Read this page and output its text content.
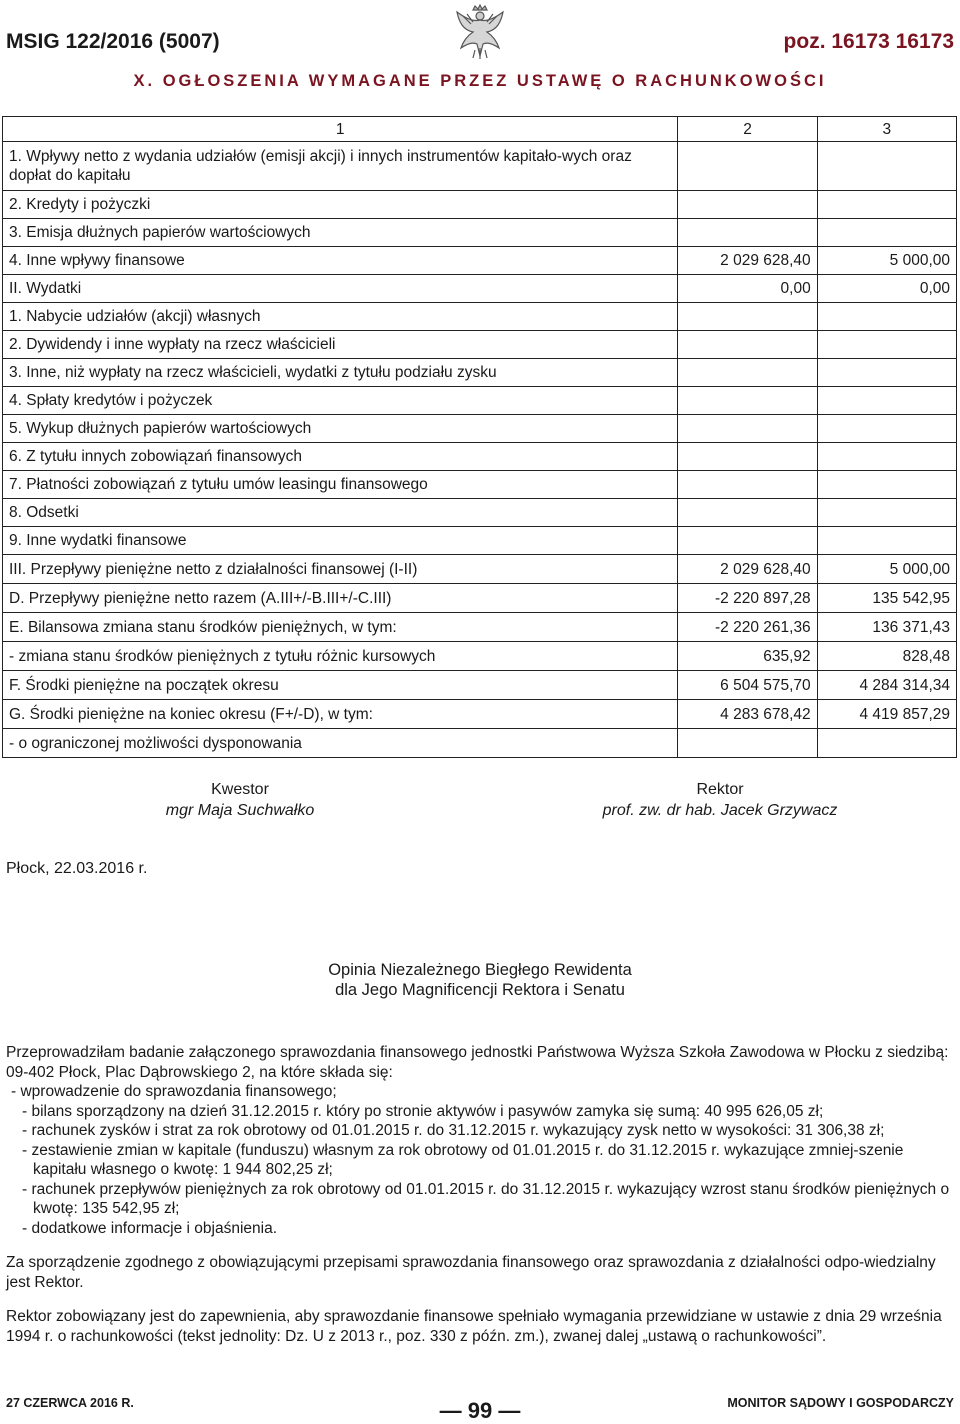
MSIG 122/2016 (5007)	poz. 16173 16173
X. OGŁOSZENIA WYMAGANE PRZEZ USTAWĘ O RACHUNKOWOŚCI
1	2	3
1. Wpływy netto z wydania udziałów (emisji akcji) i innych instrumentów kapitało-wych oraz dopłat do kapitału		
2. Kredyty i pożyczki		
3. Emisja dłużnych papierów wartościowych		
4. Inne wpływy finansowe	2 029 628,40	5 000,00
II. Wydatki	0,00	0,00
1. Nabycie udziałów (akcji) własnych		
2. Dywidendy i inne wypłaty na rzecz właścicieli		
3. Inne, niż wypłaty na rzecz właścicieli, wydatki z tytułu podziału zysku		
4. Spłaty kredytów i pożyczek		
5. Wykup dłużnych papierów wartościowych		
6. Z tytułu innych zobowiązań finansowych		
7. Płatności zobowiązań z tytułu umów leasingu finansowego		
8. Odsetki		
9. Inne wydatki finansowe		
III. Przepływy pieniężne netto z działalności finansowej (I-II)	2 029 628,40	5 000,00
D. Przepływy pieniężne netto razem (A.III+/-B.III+/-C.III)	-2 220 897,28	135 542,95
E. Bilansowa zmiana stanu środków pieniężnych, w tym:	-2 220 261,36	136 371,43
- zmiana stanu środków pieniężnych z tytułu różnic kursowych	635,92	828,48
F. Środki pieniężne na początek okresu	6 504 575,70	4 284 314,34
G. Środki pieniężne na koniec okresu (F+/-D), w tym:	4 283 678,42	4 419 857,29
- o ograniczonej możliwości dysponowania		
Kwestor
mgr Maja Suchwałko
Rektor
prof. zw. dr hab. Jacek Grzywacz
Płock, 22.03.2016 r.
Opinia Niezależnego Biegłego Rewidenta
dla Jego Magnificencji Rektora i Senatu

Przeprowadziłam badanie załączonego sprawozdania finansowego jednostki Państwowa Wyższa Szkoła Zawodowa w Płocku z siedzibą: 09-402 Płock, Plac Dąbrowskiego 2, na które składa się:

- wprowadzenie do sprawozdania finansowego;
- bilans sporządzony na dzień 31.12.2015 r. który po stronie aktywów i pasywów zamyka się sumą: 40 995 626,05 zł;
- rachunek zysków i strat za rok obrotowy od 01.01.2015 r. do 31.12.2015 r. wykazujący zysk netto w wysokości: 31 306,38 zł;
- zestawienie zmian w kapitale (funduszu) własnym za rok obrotowy od 01.01.2015 r. do 31.12.2015 r. wykazujące zmniej-szenie kapitału własnego o kwotę: 1 944 802,25 zł;
- rachunek przepływów pieniężnych za rok obrotowy od 01.01.2015 r. do 31.12.2015 r. wykazujący wzrost stanu środków pieniężnych o kwotę: 135 542,95 zł;
- dodatkowe informacje i objaśnienia.

Za sporządzenie zgodnego z obowiązującymi przepisami sprawozdania finansowego oraz sprawozdania z działalności odpo-wiedzialny jest Rektor.

Rektor zobowiązany jest do zapewnienia, aby sprawozdanie finansowe spełniało wymagania przewidziane w ustawie z dnia 29 września 1994 r. o rachunkowości (tekst jednolity: Dz. U z 2013 r., poz. 330 z późn. zm.), zwanej dalej „ustawą o rachunkowości”.

27 CZERWCA 2016 R.	— 99 —	MONITOR SĄDOWY I GOSPODARCZY
